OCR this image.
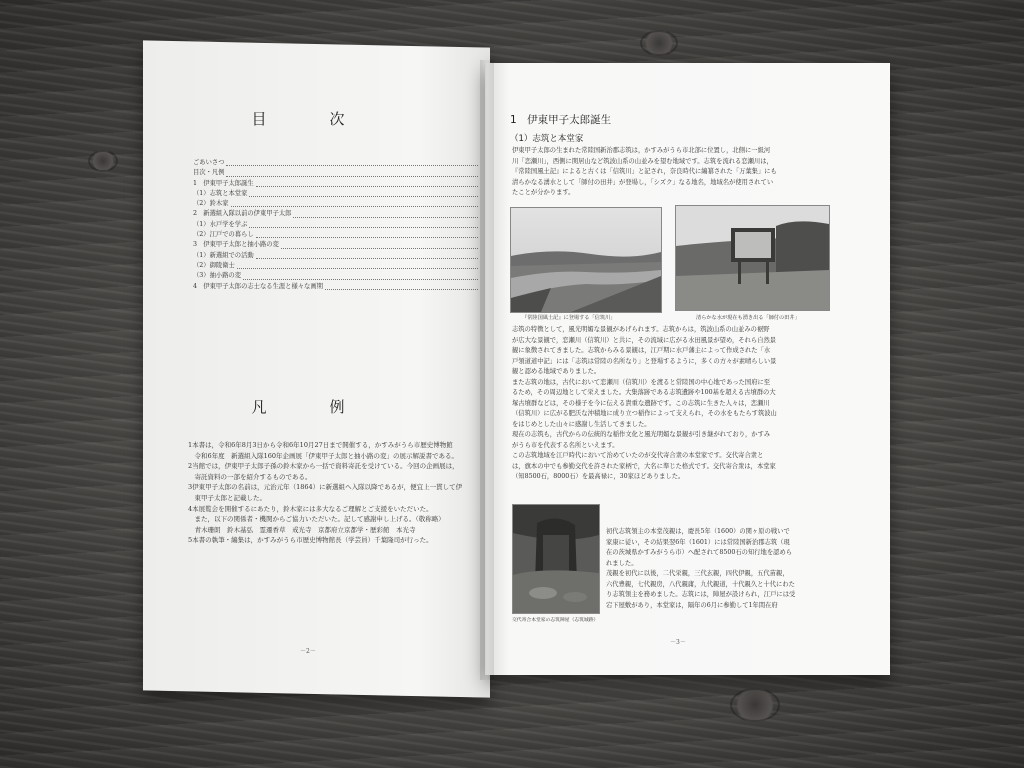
目　次
ごあいさつ
目次・凡例
1　伊東甲子太郎誕生
（1）志筑と本堂家
（2）鈴木家
2　新選組入隊以前の伊東甲子太郎
（1）水戸学を学ぶ
（2）江戸での暮らし
3　伊東甲子太郎と抽小路の変
（1）新選組での活動
（2）御陵衛士
（3）抽小路の変
4　伊東甲子太郎の志士なる生涯と様々な画期
凡　例

1本書は，令和6年8月3日から令和6年10月27日まで開催する，かすみがうら市歴史博物館

　令和6年度　新選組入隊160年企画展「伊東甲子太郎と抽小路の変」の展示解説書である。

2当館では，伊東甲子太郎子孫の鈴木家から一括で資料寄託を受けている。今回の企画展は，

　寄託資料の一部を紹介するものである。

3伊東甲子太郎の名前は，元治元年（1864）に新選組へ入隊以降であるが，便宜上一貫して伊

　東甲子太郎と記載した。

4本展覧会を開催するにあたり，鈴木家には多大なるご理解とご支援をいただいた。

　また，以下の関係者・機関からご協力いただいた。記して感謝申し上げる。（敬称略）

　青木珊朗　鈴木基弘　霊遷香草　戒光寺　京都府立京都学・歴彩館　本光寺

5本書の執筆・編集は，かすみがうら市歴史博物館長（学芸員）千葉隆司が行った。

－2－
1　伊東甲子太郎誕生
（1）志筑と本堂家

伊東甲子太郎の生まれた常陸国新治郡志筑は，かすみがうら市北部に位置し，北側に一級河

川「恋瀬川」，西側に関居山など筑波山系の山並みを望む地域です。志筑を流れる恋瀬川は，

『常陸国風土記』によると古くは「信筑川」と記され，奈良時代に編纂された「万葉集」にも

清らかなる湧水として「師付の田井」が登場し，「シズク」なる地名，地域名が使用されてい

たことが分かります。

『常陸国風土記』に登場する「信筑川」	清らかな水が現在も湧き出る「師付の田井」

志筑の特徴として，風光明媚な景観があげられます。志筑からは，筑波山系の山並みの裾野

が広大な景観で，恋瀬川（信筑川）と共に，その流域に広がる水田風景が望め，それら自然景

観に象徴されてきました。志筑からみる景観は，江戸期に水戸藩主によって作成された「水

戸領道道中記」には「志筑は常陸の名所なり」と登場するように，多くの方々が素晴らしい景

観と認める地域でありました。

また志筑の地は，古代において恋瀬川（信筑川）を渡ると常陸国の中心地であった国府に至

るため，その周辺地として栄えました。大集落跡である志筑遺跡や100基を超える古墳群の大

塚古墳群などは，その様子を今に伝える貴重な遺跡です。この志筑に生きた人々は，恋瀬川

（信筑川）に広がる肥沃な沖積地に成り立つ稲作によって支えられ，その水をもたらす筑波山

をはじめとした山々に感謝し生活してきました。

現在の志筑も，古代からの伝統的な稲作文化と風光明媚な景観が引き継がれており，かすみ

がうら市を代表する名所といえます。

この志筑地域を江戸時代において治めていたのが交代寄合衆の本堂家です。交代寄合衆と

は，旗本の中でも参勤交代を許された家柄で，大名に準じた格式です。交代寄合衆は，本堂家

（知8500石，8000石）を最高禄に，30家ほどありました。

交代寄合本堂家の志筑陣屋（志筑城跡）

初代志筑領主の本堂茂親は，慶長5年（1600）の関ヶ原の戦いで

家康に従い，その結果翌6年（1601）には常陸国新治郡志筑（現

在の茨城県かすみがうら市）へ配されて8500石の知行地を認めら

れました。

茂親を初代に以後，二代栄親，三代玄親，四代伊親，五代苗親，

六代豊親，七代親房，八代親庸，九代親道，十代親久と十代にわた

り志筑領主を務めました。志筑には，陣屋が設けられ，江戸には受

宕下屋敷があり，本堂家は，隔年の6月に参勤して1年間在府

－3－
